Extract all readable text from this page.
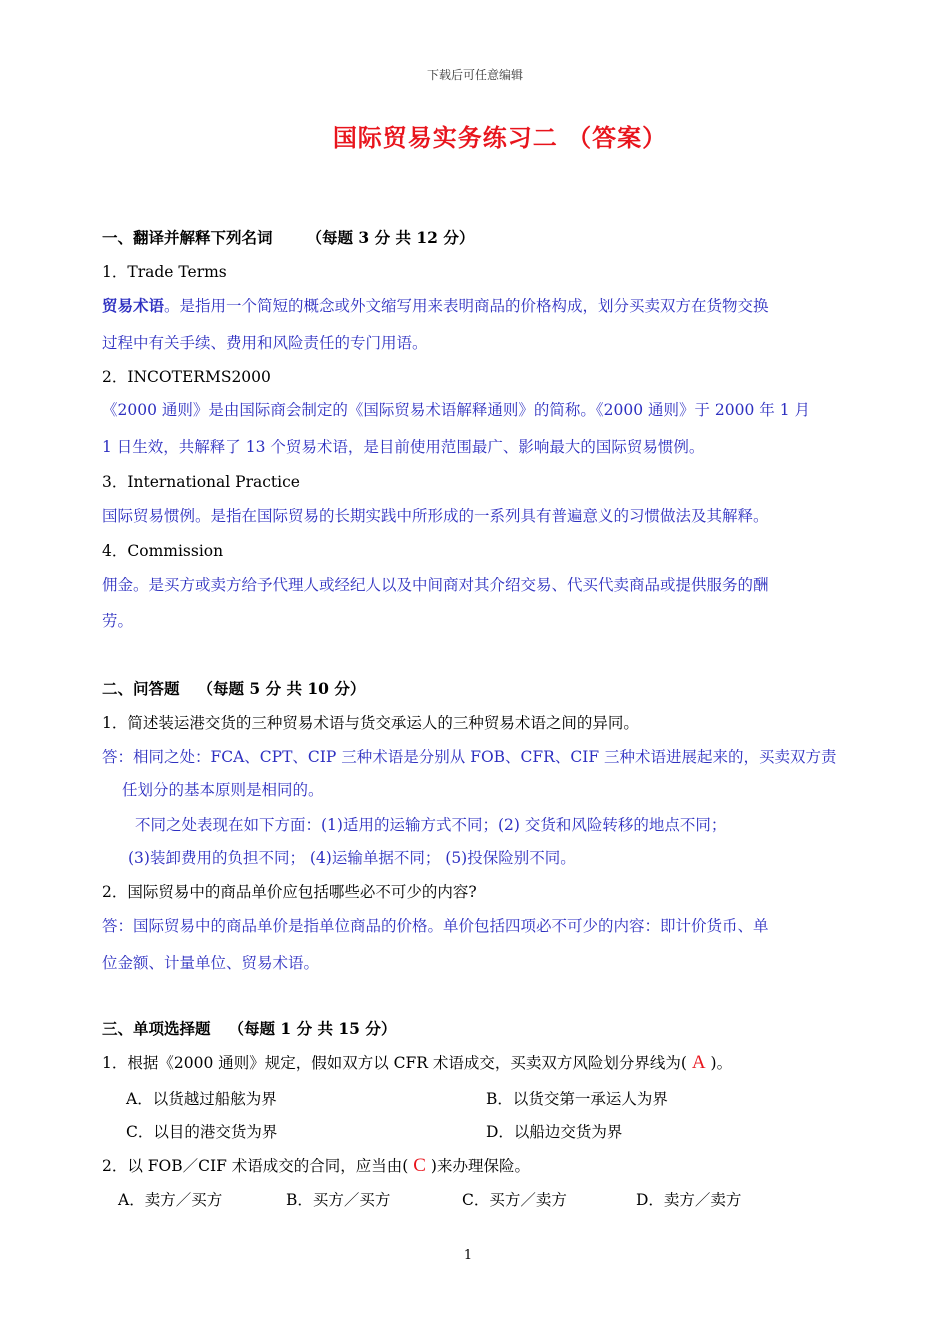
下载后可任意编辑
国际贸易实务练习二 （答案）
一、翻译并解释下列名词 （每题 3 分 共 12 分）
1．Trade Terms
贸易术语。是指用一个简短的概念或外文缩写用来表明商品的价格构成，划分买卖双方在货物交换
过程中有关手续、费用和风险责任的专门用语。
2．INCOTERMS2000
《2000 通则》是由国际商会制定的《国际贸易术语解释通则》的简称。《2000 通则》于 2000 年 1 月
1 日生效，共解释了 13 个贸易术语，是目前使用范围最广、影响最大的国际贸易惯例。
3．International Practice
国际贸易惯例。是指在国际贸易的长期实践中所形成的一系列具有普遍意义的习惯做法及其解释。
4．Commission
佣金。是买方或卖方给予代理人或经纪人以及中间商对其介绍交易、代买代卖商品或提供服务的酬
劳。
二、问答题 （每题 5 分 共 10 分）
1．简述装运港交货的三种贸易术语与货交承运人的三种贸易术语之间的异同。
答：相同之处：FCA、CPT、CIP 三种术语是分别从 FOB、CFR、CIF 三种术语进展起来的，买卖双方责
任划分的基本原则是相同的。
不同之处表现在如下方面：(1)适用的运输方式不同；(2) 交货和风险转移的地点不同；
(3)装卸费用的负担不同； (4)运输单据不同； (5)投保险别不同。
2．国际贸易中的商品单价应包括哪些必不可少的内容?
答：国际贸易中的商品单价是指单位商品的价格。单价包括四项必不可少的内容：即计价货币、单
位金额、计量单位、贸易术语。
三、单项选择题 （每题 1 分 共 15 分）
1．根据《2000 通则》规定，假如双方以 CFR 术语成交，买卖双方风险划分界线为( A )。
A．以货越过船舷为界	B．以货交第一承运人为界
C．以目的港交货为界	D．以船边交货为界
2．以 FOB／CIF 术语成交的合同，应当由( C )来办理保险。
A．卖方／买方	B．买方／买方	C．买方／卖方	D．卖方／卖方
1
